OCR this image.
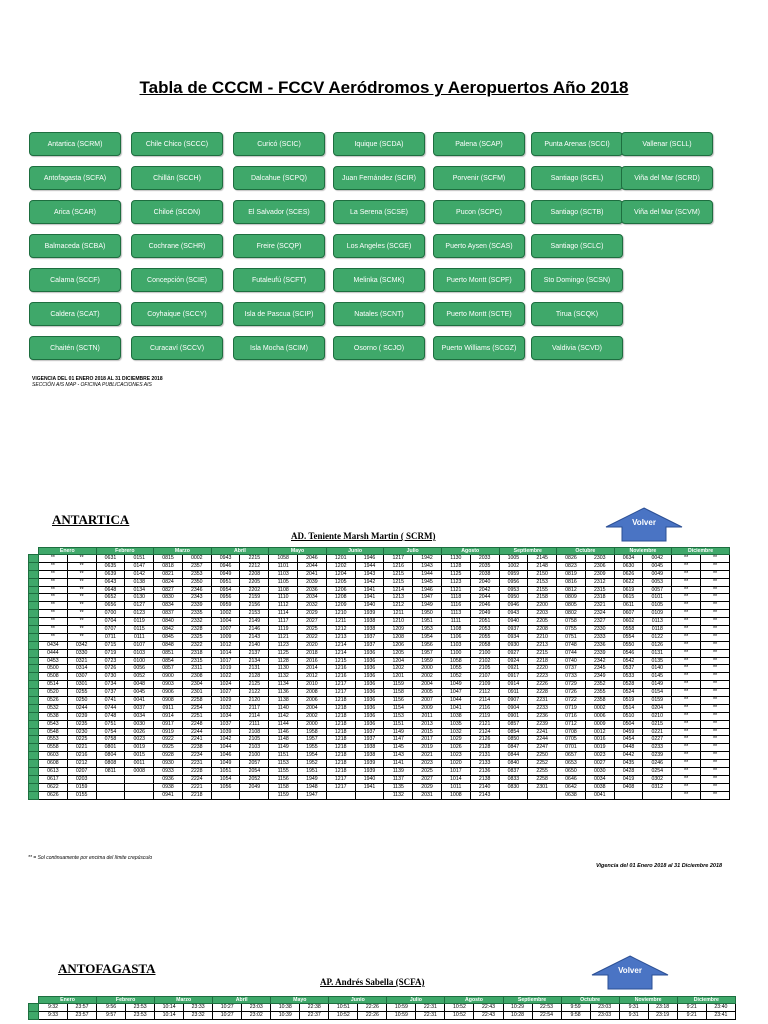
Tabla de CCCM - FCCV Aeródromos y Aeropuertos Año 2018
Antartica (SCRM)	Chile Chico (SCCC)	Curicó (SCIC)	Iquique (SCDA)	Palena (SCAP)	Punta Arenas (SCCI)	Vallenar (SCLL)
Antofagasta (SCFA)	Chillán (SCCH)	Dalcahue (SCPQ)	Juan Fernández (SCIR)	Porvenir (SCFM)	Santiago (SCEL)	Viña del Mar (SCRD)
Arica (SCAR)	Chiloé (SCON)	El Salvador (SCES)	La Serena (SCSE)	Pucon (SCPC)	Santiago (SCTB)	Viña del Mar (SCVM)
Balmaceda (SCBA)	Cochrane (SCHR)	Freire (SCQP)	Los Angeles (SCGE)	Puerto Aysen (SCAS)	Santiago (SCLC)
Calama (SCCF)	Concepción (SCIE)	Futaleufú (SCFT)	Melinka (SCMK)	Puerto Montt (SCPF)	Sto Domingo (SCSN)
Caldera (SCAT)	Coyhaique (SCCY)	Isla de Pascua (SCIP)	Natales (SCNT)	Puerto Montt (SCTE)	Tirua (SCQK)
Chaitén (SCTN)	Curacaví (SCCV)	Isla Mocha (SCIM)	Osorno ( SCJO)	Puerto Williams (SCGZ)	Valdivia (SCVD)
VIGENCIA DEL 01 ENERO 2018 AL 31 DICIEMBRE 2018
SECCIÓN AIS MAP - OFICINA PUBLICACIONES AIS
ANTARTICA
AD. Teniente Marsh Martin ( SCRM)
Volver
	Enero		Febrero		Marzo		Abril		Mayo		Junio		Julio		Agosto		Septiembre		Octubre		Noviembre		Diciembre	
	**	**	0631	0151	0815	0002	0943	2215	1058	2046	1201	1946	1217	1942	1130	2033	1005	2145	0826	2303	0634	0042	**	**
	**	**	0635	0147	0818	2357	0946	2212	1101	2044	1202	1944	1216	1943	1128	2035	1002	2148	0823	2306	0630	0045	**	**
	**	**	0639	0142	0821	2353	0949	2208	1103	2041	1204	1943	1215	1944	1125	2038	0959	2150	0819	2309	0626	0049	**	**
	**	**	0643	0138	0824	2350	0951	2205	1105	2039	1205	1942	1215	1945	1123	2040	0956	2153	0816	2312	0622	0053	**	**
	**	**	0648	0134	0827	2346	0954	2202	1108	2036	1206	1941	1214	1946	1121	2042	0953	2155	0812	2315	0619	0057	**	**
	**	**	0652	0130	0830	2343	0956	2159	1110	2034	1208	1941	1213	1947	1118	2044	0950	2158	0809	2318	0615	0101	**	**
	**	**	0656	0127	0834	2339	0959	2156	1112	2032	1209	1940	1212	1949	1116	2046	0946	2200	0805	2321	0611	0105	**	**
	**	**	0700	0123	0837	2335	1002	2153	1114	2029	1210	1939	1211	1950	1113	2049	0943	2203	0802	2324	0607	0109	**	**
	**	**	0704	0119	0840	2332	1004	2149	1117	2027	1211	1938	1210	1951	1111	2051	0940	2205	0758	2327	0602	0113	**	**
	**	**	0707	0115	0842	2328	1007	2146	1119	2025	1212	1938	1209	1953	1108	2053	0937	2208	0755	2330	0558	0118	**	**
	**	**	0711	0111	0845	2325	1009	2143	1121	2022	1213	1937	1208	1954	1106	2055	0934	2210	0751	2333	0554	0122	**	**
	0434	0342	0715	0107	0848	2322	1012	2140	1123	2020	1214	1937	1206	1956	1103	2058	0930	2213	0748	2336	0550	0126	**	**
	0444	0330	0719	0103	0851	2318	1014	2137	1125	2018	1214	1936	1205	1957	1100	2100	0927	2215	0744	2339	0546	0131	**	**
	0453	0321	0723	0100	0854	2315	1017	2134	1128	2016	1215	1936	1204	1959	1058	2102	0924	2218	0740	2342	0542	0135	**	**
	0500	0314	0726	0056	0857	2311	1019	2131	1130	2014	1216	1936	1202	2000	1055	2105	0921	2220	0737	2345	0537	0140	**	**
	0508	0307	0730	0052	0900	2308	1022	2128	1132	2012	1216	1936	1201	2002	1052	2107	0917	2223	0733	2349	0533	0145	**	**
	0514	0301	0734	0048	0903	2304	1024	2125	1134	2010	1217	1936	1159	2004	1049	2109	0914	2226	0729	2352	0528	0149	**	**
	0520	0255	0737	0045	0906	2301	1027	2122	1136	2008	1217	1936	1158	2005	1047	2112	0911	2228	0726	2355	0524	0154	**	**
	0526	0250	0741	0041	0908	2258	1029	2120	1138	2006	1218	1936	1156	2007	1044	2114	0907	2231	0722	2358	0519	0159	**	**
	0532	0244	0744	0037	0911	2254	1032	2117	1140	2004	1218	1936	1154	2009	1041	2116	0904	2233	0719	0002	0514	0204	**	**
	0538	0239	0748	0034	0914	2251	1034	2114	1142	2002	1218	1936	1153	2011	1038	2119	0901	2236	0716	0006	0510	0210	**	**
	0543	0235	0751	0030	0917	2248	1037	2111	1144	2000	1218	1936	1151	2013	1035	2121	0857	2239	0712	0009	0504	0215	**	**
	0548	0230	0754	0026	0919	2244	1039	2108	1146	1958	1218	1937	1149	2015	1032	2124	0854	2241	0708	0012	0459	0221	**	**
	0553	0225	0758	0023	0922	2241	1042	2105	1148	1957	1218	1937	1147	2017	1029	2126	0850	2244	0705	0016	0454	0227	**	**
	0558	0221	0801	0019	0925	2238	1044	2103	1149	1955	1218	1938	1145	2019	1026	2128	0847	2247	0701	0019	0448	0233	**	**
	0603	0216	0804	0015	0928	2234	1046	2100	1151	1954	1218	1938	1143	2021	1023	2131	0844	2250	0657	0023	0442	0239	**	**
	0608	0212	0808	0011	0930	2231	1049	2057	1153	1952	1218	1939	1141	2023	1020	2133	0840	2252	0653	0027	0435	0246	**	**
	0613	0207	0811	0008	0933	2228	1051	2054	1155	1951	1218	1939	1139	2025	1017	2136	0837	2255	0650	0030	0428	0254	**	**
	0617	0203			0936	2224	1054	2052	1156	1949	1217	1940	1137	2027	1014	2138	0833	2258	0646	0034	0419	0302	**	**
	0622	0159			0938	2221	1056	2049	1158	1948	1217	1941	1135	2029	1011	2140	0830	2301	0642	0038	0408	0312	**	**
	0626	0155			0941	2218			1159	1947			1132	2031	1008	2143			0638	0041			**	**
** = Sol continuamente por encima del límite crepúsculo
Vigencia del 01 Enero 2018 al 31 Diciembre 2018
ANTOFAGASTA
AP. Andrés Sabella (SCFA)
Volver
	Enero		Febrero		Marzo		Abril		Mayo		Junio		Julio		Agosto		Septiembre		Octubre		Noviembre		Diciembre	
	9:32	23:57	9:56	23:53	10:14	23:33	10:27	23:03	10:38	22:38	10:51	22:26	10:59	22:31	10:52	22:43	10:29	22:53	9:59	23:03	9:31	23:18	9:21	23:40
	9:33	23:57	9:57	23:53	10:14	23:32	10:27	23:02	10:39	22:37	10:52	22:26	10:59	22:31	10:52	22:43	10:28	22:54	9:58	23:03	9:31	23:19	9:21	23:41
